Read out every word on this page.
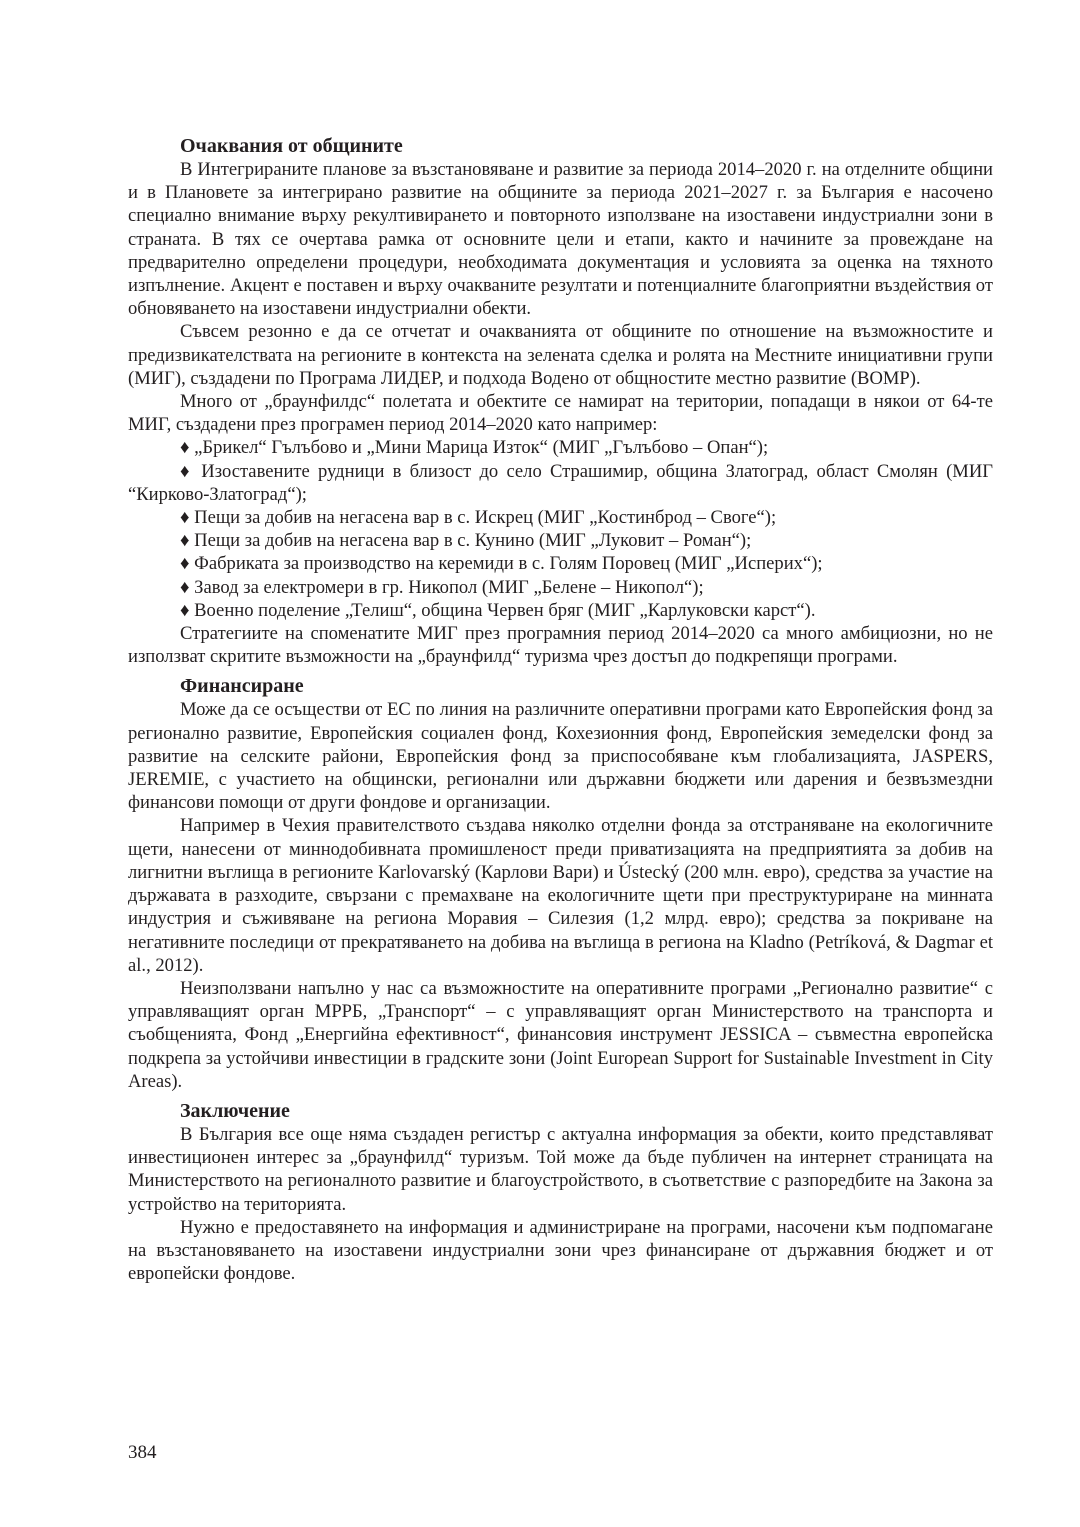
Очаквания от общините

В Интегрираните планове за възстановяване и развитие за периода 2014–2020 г. на отделните общини и в Плановете за интегрирано развитие на общините за периода 2021–2027 г. за България е насочено специално внимание върху рекултивирането и повторното използване на изоставени индустриални зони в страната. В тях се очертава рамка от основните цели и етапи, както и начините за провеждане на предварително определени процедури, необходимата документация и условията за оценка на тяхното изпълнение. Акцент е поставен и върху очакваните резултати и потенциалните благоприятни въздействия от обновяването на изоставени индустриални обекти.

Съвсем резонно е да се отчетат и очакванията от общините по отношение на възможностите и предизвикателствата на регионите в контекста на зелената сделка и ролята на Местните инициативни групи (МИГ), създадени по Програма ЛИДЕР, и подхода Водено от общностите местно развитие (ВОМР).

Много от „браунфилдс“ полетата и обектите се намират на територии, попадащи в някои от 64-те МИГ, създадени през програмен период 2014–2020 като например:

♦ „Брикел“ Гълъбово и „Мини Марица Изток“ (МИГ „Гълъбово – Опан“);
♦ Изоставените рудници в близост до село Страшимир, община Златоград, област Смолян (МИГ “Кирково-Златоград“);
♦ Пещи за добив на негасена вар в с. Искрец (МИГ „Костинброд – Своге“);
♦ Пещи за добив на негасена вар в с. Кунино (МИГ „Луковит – Роман“);
♦ Фабриката за производство на керемиди в с. Голям Поровец (МИГ „Исперих“);
♦ Завод за електромери в гр. Никопол (МИГ „Белене – Никопол“);
♦ Военно поделение „Телиш“, община Червен бряг (МИГ „Карлуковски карст“).

Стратегиите на споменатите МИГ през програмния период 2014–2020 са много амбициозни, но не използват скритите възможности на „браунфилд“ туризма чрез достъп до подкрепящи програми.

Финансиране

Може да се осъществи от ЕС по линия на различните оперативни програми като Европейския фонд за регионално развитие, Европейския социален фонд, Кохезионния фонд, Европейския земеделски фонд за развитие на селските райони, Европейския фонд за приспособяване към глобализацията, JASPERS, JEREMIE, с участието на общински, регионални или държавни бюджети или дарения и безвъзмездни финансови помощи от други фондове и организации.

Например в Чехия правителството създава няколко отделни фонда за отстраняване на екологичните щети, нанесени от миннодобивната промишленост преди приватизацията на предприятията за добив на лигнитни въглища в регионите Karlovarský (Карлови Вари) и Ústecký (200 млн. евро), средства за участие на държавата в разходите, свързани с премахване на екологичните щети при преструктуриране на минната индустрия и съживяване на региона Моравия – Силезия (1,2 млрд. евро); средства за покриване на негативните последици от прекратяването на добива на въглища в региона на Kladno (Petríková, & Dagmar et al., 2012).

Неизползвани напълно у нас са възможностите на оперативните програми „Регионално развитие“ с управляващият орган МРРБ, „Транспорт“ – с управляващият орган Министерството на транспорта и съобщенията, Фонд „Енергийна ефективност“, финансовия инструмент JESSICA – съвместна европейска подкрепа за устойчиви инвестиции в градските зони (Joint European Support for Sustainable Investment in City Areas).

Заключение

В България все още няма създаден регистър с актуална информация за обекти, които представляват инвестиционен интерес за „браунфилд“ туризъм. Той може да бъде публичен на интернет страницата на Министерството на регионалното развитие и благоустройството, в съответствие с разпоредбите на Закона за устройство на територията.

Нужно е предоставянето на информация и администриране на програми, насочени към подпомагане на възстановяването на изоставени индустриални зони чрез финансиране от държавния бюджет и от европейски фондове.

384
